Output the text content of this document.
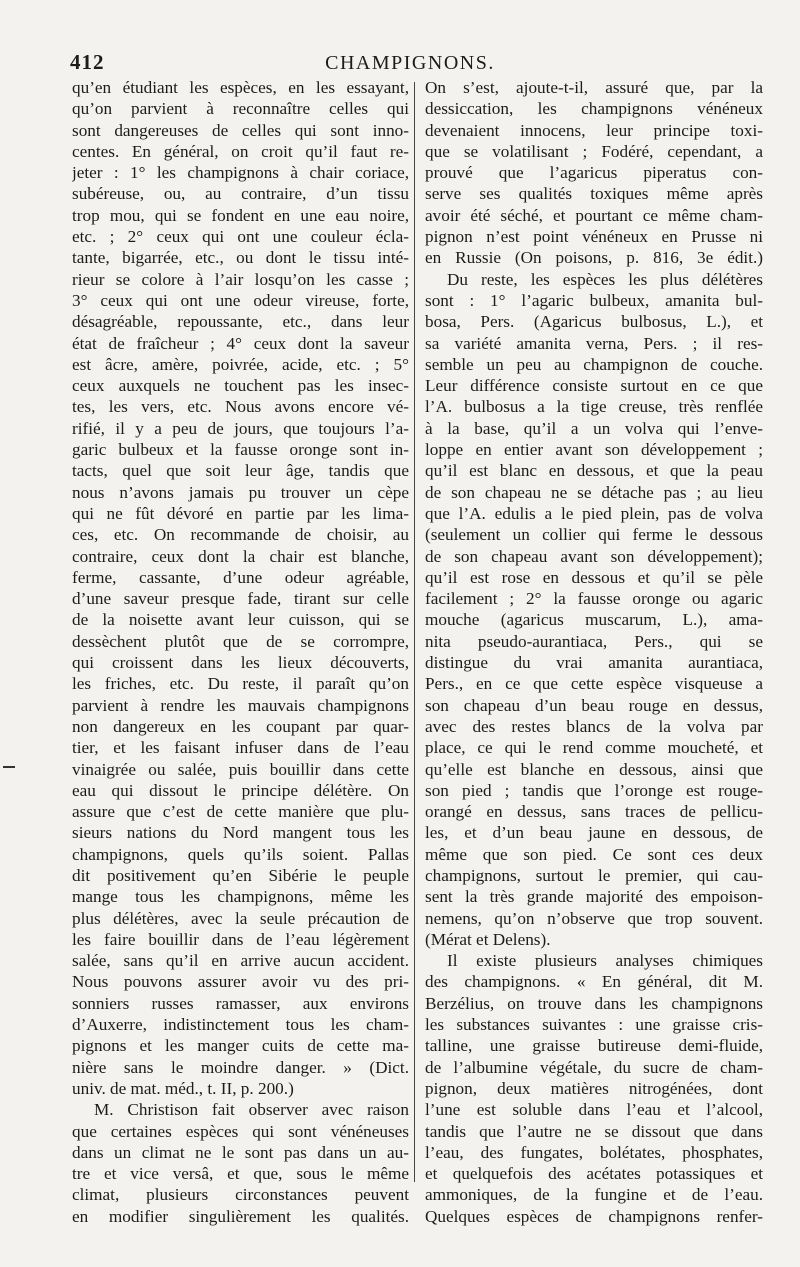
412	CHAMPIGNONS.
qu’en étudiant les espèces, en les essayant,
qu’on parvient à reconnaître celles qui
sont dangereuses de celles qui sont inno-
centes. En général, on croit qu’il faut re-
jeter : 1° les champignons à chair coriace,
subéreuse, ou, au contraire, d’un tissu
trop mou, qui se fondent en une eau noire,
etc. ; 2° ceux qui ont une couleur écla-
tante, bigarrée, etc., ou dont le tissu inté-
rieur se colore à l’air losqu’on les casse ;
3° ceux qui ont une odeur vireuse, forte,
désagréable, repoussante, etc., dans leur
état de fraîcheur ; 4° ceux dont la saveur
est âcre, amère, poivrée, acide, etc. ; 5°
ceux auxquels ne touchent pas les insec-
tes, les vers, etc. Nous avons encore vé-
rifié, il y a peu de jours, que toujours l’a-
garic bulbeux et la fausse oronge sont in-
tacts, quel que soit leur âge, tandis que
nous n’avons jamais pu trouver un cèpe
qui ne fût dévoré en partie par les lima-
ces, etc. On recommande de choisir, au
contraire, ceux dont la chair est blanche,
ferme, cassante, d’une odeur agréable,
d’une saveur presque fade, tirant sur celle
de la noisette avant leur cuisson, qui se
dessèchent plutôt que de se corrompre,
qui croissent dans les lieux découverts,
les friches, etc. Du reste, il paraît qu’on
parvient à rendre les mauvais champignons
non dangereux en les coupant par quar-
tier, et les faisant infuser dans de l’eau
vinaigrée ou salée, puis bouillir dans cette
eau qui dissout le principe délétère. On
assure que c’est de cette manière que plu-
sieurs nations du Nord mangent tous les
champignons, quels qu’ils soient. Pallas
dit positivement qu’en Sibérie le peuple
mange tous les champignons, même les
plus délétères, avec la seule précaution de
les faire bouillir dans de l’eau légèrement
salée, sans qu’il en arrive aucun accident.
Nous pouvons assurer avoir vu des pri-
sonniers russes ramasser, aux environs
d’Auxerre, indistinctement tous les cham-
pignons et les manger cuits de cette ma-
nière sans le moindre danger. » (Dict.
univ. de mat. méd., t. II, p. 200.)
M. Christison fait observer avec raison
que certaines espèces qui sont vénéneuses
dans un climat ne le sont pas dans un au-
tre et vice versâ, et que, sous le même
climat, plusieurs circonstances peuvent
en modifier singulièrement les qualités.
On s’est, ajoute-t-il, assuré que, par la
dessiccation, les champignons vénéneux
devenaient innocens, leur principe toxi-
que se volatilisant ; Fodéré, cependant, a
prouvé que l’agaricus piperatus con-
serve ses qualités toxiques même après
avoir été séché, et pourtant ce même cham-
pignon n’est point vénéneux en Prusse ni
en Russie (On poisons, p. 816, 3e édit.)
Du reste, les espèces les plus délétères
sont : 1° l’agaric bulbeux, amanita bul-
bosa, Pers. (Agaricus bulbosus, L.), et
sa variété amanita verna, Pers. ; il res-
semble un peu au champignon de couche.
Leur différence consiste surtout en ce que
l’A. bulbosus a la tige creuse, très renflée
à la base, qu’il a un volva qui l’enve-
loppe en entier avant son développement ;
qu’il est blanc en dessous, et que la peau
de son chapeau ne se détache pas ; au lieu
que l’A. edulis a le pied plein, pas de volva
(seulement un collier qui ferme le dessous
de son chapeau avant son développement);
qu’il est rose en dessous et qu’il se pèle
facilement ; 2° la fausse oronge ou agaric
mouche (agaricus muscarum, L.), ama-
nita pseudo-aurantiaca, Pers., qui se
distingue du vrai amanita aurantiaca,
Pers., en ce que cette espèce visqueuse a
son chapeau d’un beau rouge en dessus,
avec des restes blancs de la volva par
place, ce qui le rend comme moucheté, et
qu’elle est blanche en dessous, ainsi que
son pied ; tandis que l’oronge est rouge-
orangé en dessus, sans traces de pellicu-
les, et d’un beau jaune en dessous, de
même que son pied. Ce sont ces deux
champignons, surtout le premier, qui cau-
sent la très grande majorité des empoison-
nemens, qu’on n’observe que trop souvent.
(Mérat et Delens).
Il existe plusieurs analyses chimiques
des champignons. « En général, dit M.
Berzélius, on trouve dans les champignons
les substances suivantes : une graisse cris-
talline, une graisse butireuse demi-fluide,
de l’albumine végétale, du sucre de cham-
pignon, deux matières nitrogénées, dont
l’une est soluble dans l’eau et l’alcool,
tandis que l’autre ne se dissout que dans
l’eau, des fungates, bolétates, phosphates,
et quelquefois des acétates potassiques et
ammoniques, de la fungine et de l’eau.
Quelques espèces de champignons renfer-
